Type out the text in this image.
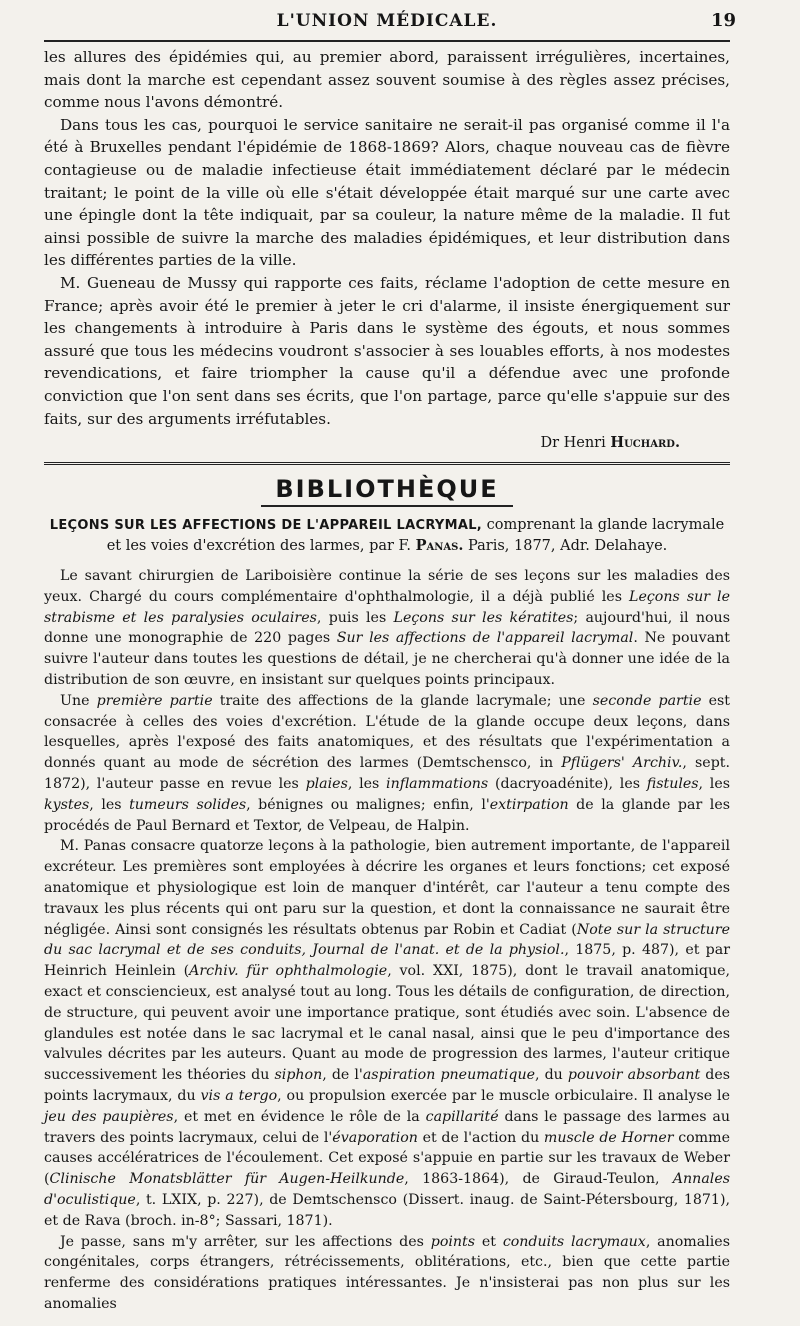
L'UNION MÉDICALE.	19

les allures des épidémies qui, au premier abord, paraissent irrégulières, incertaines, mais dont la marche est cependant assez souvent soumise à des règles assez précises, comme nous l'avons démontré.

Dans tous les cas, pourquoi le service sanitaire ne serait-il pas organisé comme il l'a été à Bruxelles pendant l'épidémie de 1868-1869? Alors, chaque nouveau cas de fièvre contagieuse ou de maladie infectieuse était immédiatement déclaré par le médecin traitant; le point de la ville où elle s'était développée était marqué sur une carte avec une épingle dont la tête indiquait, par sa couleur, la nature même de la maladie. Il fut ainsi possible de suivre la marche des maladies épidémiques, et leur distribution dans les différentes parties de la ville.

M. Gueneau de Mussy qui rapporte ces faits, réclame l'adoption de cette mesure en France; après avoir été le premier à jeter le cri d'alarme, il insiste énergiquement sur les changements à introduire à Paris dans le système des égouts, et nous sommes assuré que tous les médecins voudront s'associer à ses louables efforts, à nos modestes revendications, et faire triompher la cause qu'il a défendue avec une profonde conviction que l'on sent dans ses écrits, que l'on partage, parce qu'elle s'appuie sur des faits, sur des arguments irréfutables.

Dr Henri Huchard.

BIBLIOTHÈQUE
LEÇONS SUR LES AFFECTIONS DE L'APPAREIL LACRYMAL, comprenant la glande lacrymale et les voies d'excrétion des larmes, par F. Panas. Paris, 1877, Adr. Delahaye.

Le savant chirurgien de Lariboisière continue la série de ses leçons sur les maladies des yeux. Chargé du cours complémentaire d'ophthalmologie, il a déjà publié les Leçons sur le strabisme et les paralysies oculaires, puis les Leçons sur les kératites; aujourd'hui, il nous donne une monographie de 220 pages Sur les affections de l'appareil lacrymal. Ne pouvant suivre l'auteur dans toutes les questions de détail, je ne chercherai qu'à donner une idée de la distribution de son œuvre, en insistant sur quelques points principaux.

Une première partie traite des affections de la glande lacrymale; une seconde partie est consacrée à celles des voies d'excrétion. L'étude de la glande occupe deux leçons, dans lesquelles, après l'exposé des faits anatomiques, et des résultats que l'expérimentation a donnés quant au mode de sécrétion des larmes (Demtschensco, in Pflügers' Archiv., sept. 1872), l'auteur passe en revue les plaies, les inflammations (dacryoadénite), les fistules, les kystes, les tumeurs solides, bénignes ou malignes; enfin, l'extirpation de la glande par les procédés de Paul Bernard et Textor, de Velpeau, de Halpin.

M. Panas consacre quatorze leçons à la pathologie, bien autrement importante, de l'appareil excréteur. Les premières sont employées à décrire les organes et leurs fonctions; cet exposé anatomique et physiologique est loin de manquer d'intérêt, car l'auteur a tenu compte des travaux les plus récents qui ont paru sur la question, et dont la connaissance ne saurait être négligée. Ainsi sont consignés les résultats obtenus par Robin et Cadiat (Note sur la structure du sac lacrymal et de ses conduits, Journal de l'anat. et de la physiol., 1875, p. 487), et par Heinrich Heinlein (Archiv. für ophthalmologie, vol. XXI, 1875), dont le travail anatomique, exact et consciencieux, est analysé tout au long. Tous les détails de configuration, de direction, de structure, qui peuvent avoir une importance pratique, sont étudiés avec soin. L'absence de glandules est notée dans le sac lacrymal et le canal nasal, ainsi que le peu d'importance des valvules décrites par les auteurs. Quant au mode de progression des larmes, l'auteur critique successivement les théories du siphon, de l'aspiration pneumatique, du pouvoir absorbant des points lacrymaux, du vis a tergo, ou propulsion exercée par le muscle orbiculaire. Il analyse le jeu des paupières, et met en évidence le rôle de la capillarité dans le passage des larmes au travers des points lacrymaux, celui de l'évaporation et de l'action du muscle de Horner comme causes accélératrices de l'écoulement. Cet exposé s'appuie en partie sur les travaux de Weber (Clinische Monatsblätter für Augen-Heilkunde, 1863-1864), de Giraud-Teulon, Annales d'oculistique, t. LXIX, p. 227), de Demtschensco (Dissert. inaug. de Saint-Pétersbourg, 1871), et de Rava (broch. in-8°; Sassari, 1871).

Je passe, sans m'y arrêter, sur les affections des points et conduits lacrymaux, anomalies congénitales, corps étrangers, rétrécissements, oblitérations, etc., bien que cette partie renferme des considérations pratiques intéressantes. Je n'insisterai pas non plus sur les anomalies
